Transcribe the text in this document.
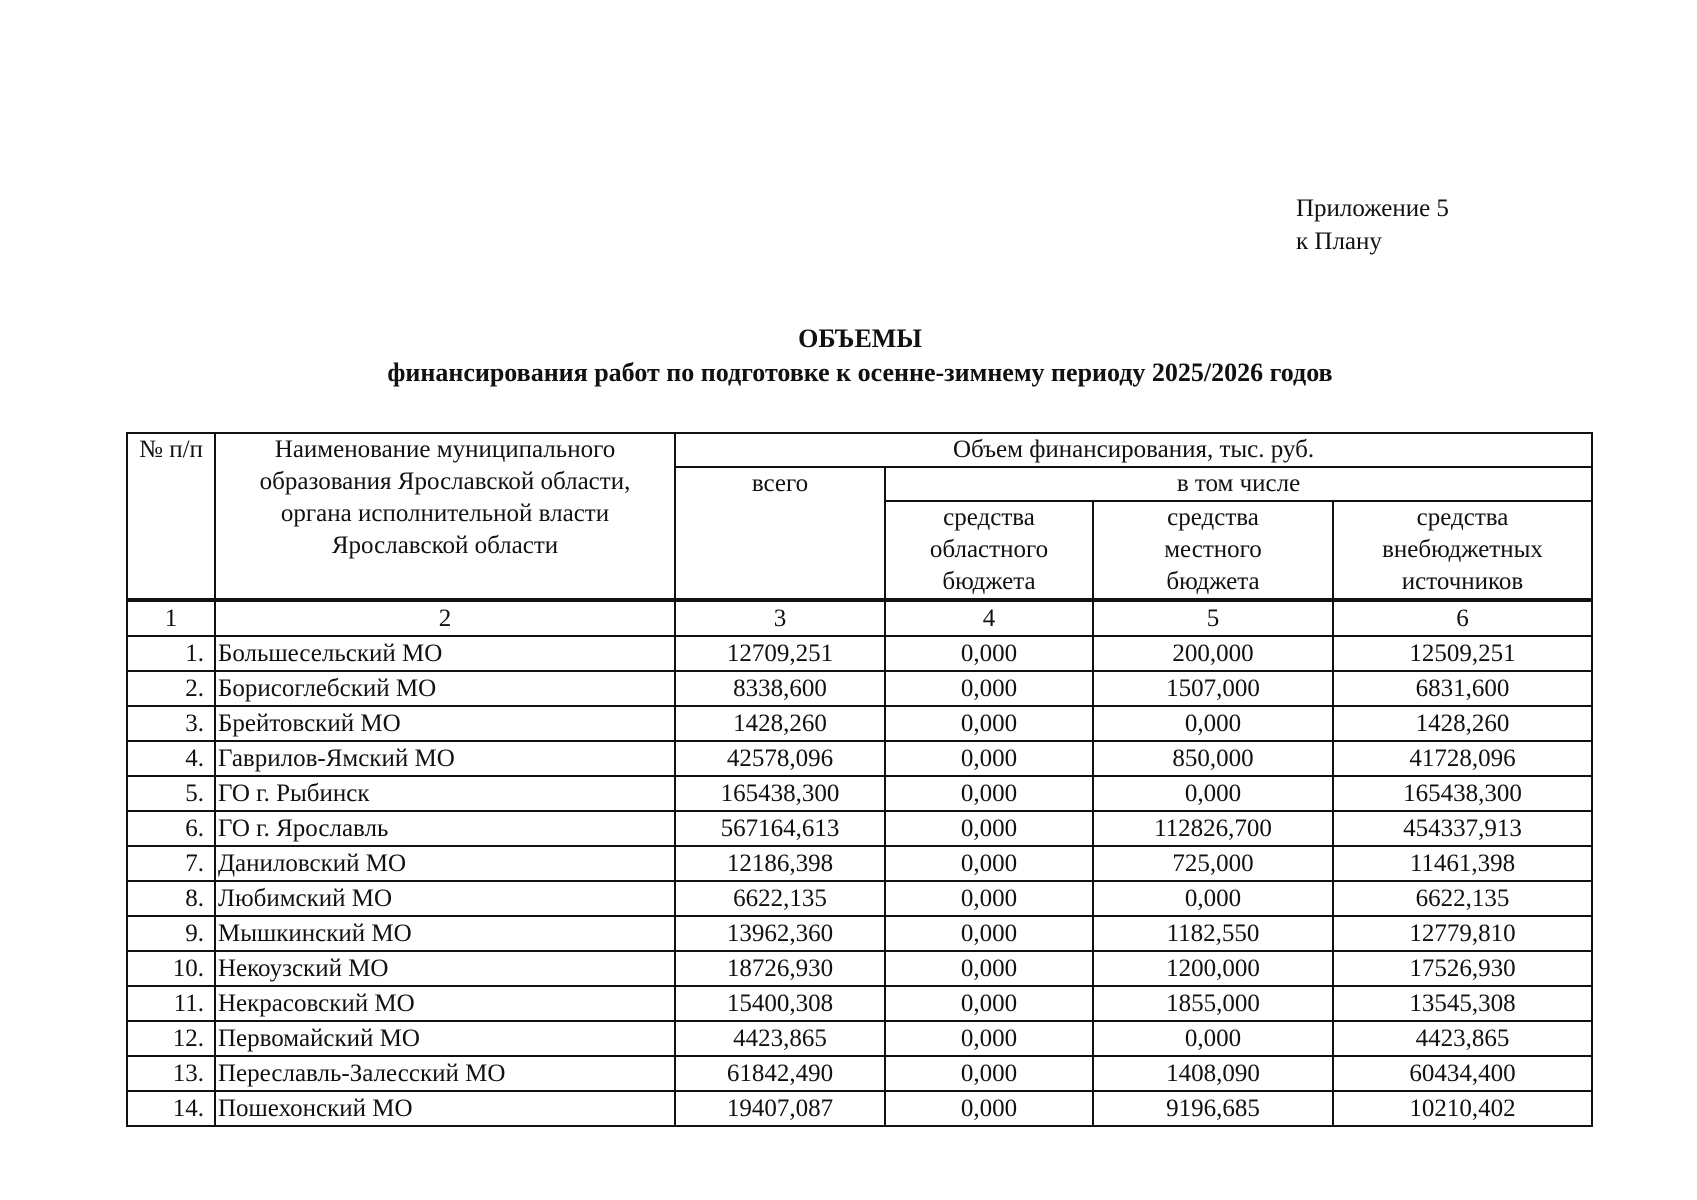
Приложение 5
к Плану
ОБЪЕМЫ
финансирования работ по подготовке к осенне-зимнему периоду 2025/2026 годов
№ п/п	Наименование муниципального образования Ярославской области, органа исполнительной власти Ярославской области	Объем финансирования, тыс. руб.			
		всего	в том числе		
			средства областного бюджета	средства местного бюджета	средства внебюджетных источников
1	2	3	4	5	6
1.	Большесельский МО	12709,251	0,000	200,000	12509,251
2.	Борисоглебский МО	8338,600	0,000	1507,000	6831,600
3.	Брейтовский МО	1428,260	0,000	0,000	1428,260
4.	Гаврилов-Ямский МО	42578,096	0,000	850,000	41728,096
5.	ГО г. Рыбинск	165438,300	0,000	0,000	165438,300
6.	ГО г. Ярославль	567164,613	0,000	112826,700	454337,913
7.	Даниловский МО	12186,398	0,000	725,000	11461,398
8.	Любимский МО	6622,135	0,000	0,000	6622,135
9.	Мышкинский МО	13962,360	0,000	1182,550	12779,810
10.	Некоузский МО	18726,930	0,000	1200,000	17526,930
11.	Некрасовский МО	15400,308	0,000	1855,000	13545,308
12.	Первомайский МО	4423,865	0,000	0,000	4423,865
13.	Переславль-Залесский МО	61842,490	0,000	1408,090	60434,400
14.	Пошехонский МО	19407,087	0,000	9196,685	10210,402
